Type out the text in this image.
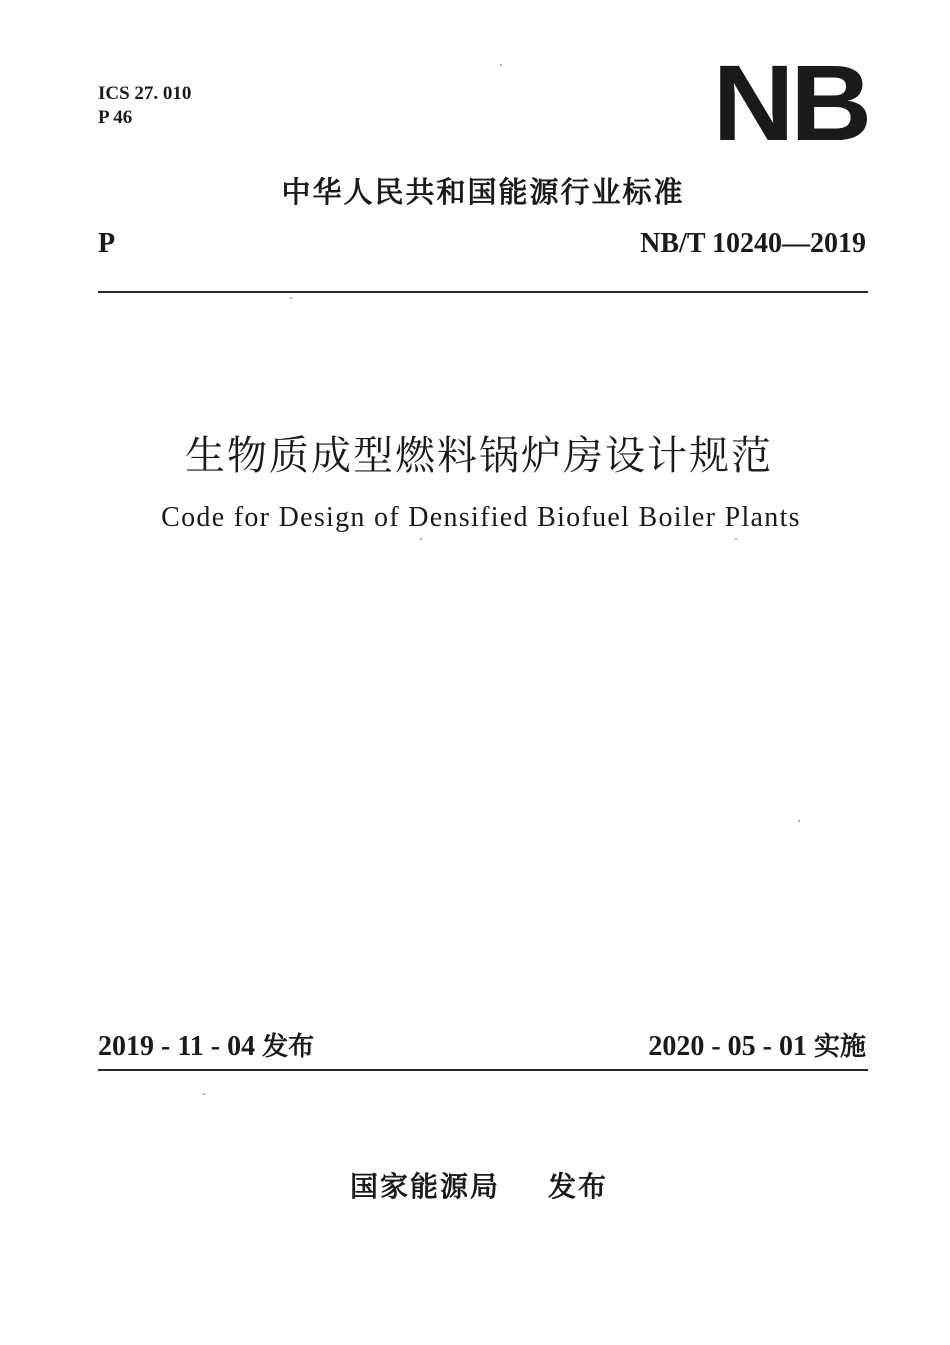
ICS 27. 010
P 46	NB
中华人民共和国能源行业标准
P	NB/T 10240—2019
生物质成型燃料锅炉房设计规范
Code for Design of Densified Biofuel Boiler Plants
2019 - 11 - 04 发布	2020 - 05 - 01 实施
国家能源局 发布
